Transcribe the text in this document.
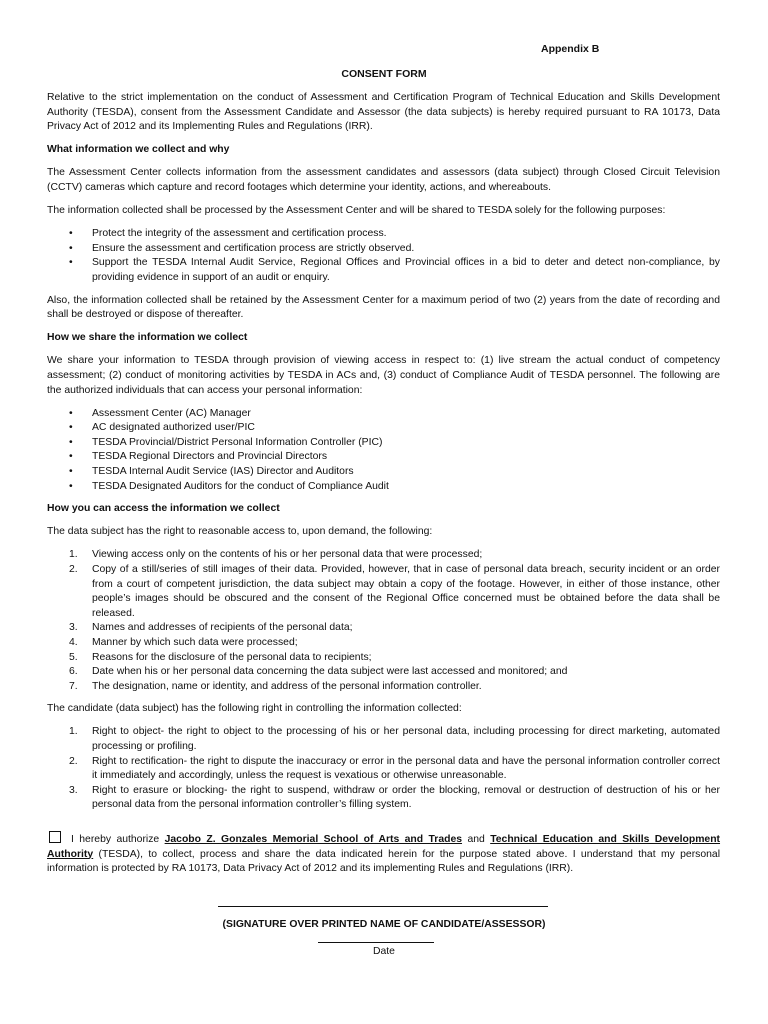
Appendix B
CONSENT FORM

Relative to the strict implementation on the conduct of Assessment and Certification Program of Technical Education and Skills Development Authority (TESDA), consent from the Assessment Candidate and Assessor (the data subjects) is hereby required pursuant to RA 10173, Data Privacy Act of 2012 and its Implementing Rules and Regulations (IRR).

What information we collect and why

The Assessment Center collects information from the assessment candidates and assessors (data subject) through Closed Circuit Television (CCTV) cameras which capture and record footages which determine your identity, actions, and whereabouts.

The information collected shall be processed by the Assessment Center and will be shared to TESDA solely for the following purposes:

• Protect the integrity of the assessment and certification process.
• Ensure the assessment and certification process are strictly observed.
• Support the TESDA Internal Audit Service, Regional Offices and Provincial offices in a bid to deter and detect non-compliance, by providing evidence in support of an audit or enquiry.

Also, the information collected shall be retained by the Assessment Center for a maximum period of two (2) years from the date of recording and shall be destroyed or dispose of thereafter.

How we share the information we collect

We share your information to TESDA through provision of viewing access in respect to: (1) live stream the actual conduct of competency assessment; (2) conduct of monitoring activities by TESDA in ACs and, (3) conduct of Compliance Audit of TESDA personnel. The following are the authorized individuals that can access your personal information:

• Assessment Center (AC) Manager
• AC designated authorized user/PIC
• TESDA Provincial/District Personal Information Controller (PIC)
• TESDA Regional Directors and Provincial Directors
• TESDA Internal Audit Service (IAS) Director and Auditors
• TESDA Designated Auditors for the conduct of Compliance Audit
How you can access the information we collect

The data subject has the right to reasonable access to, upon demand, the following:

1. Viewing access only on the contents of his or her personal data that were processed;
2. Copy of a still/series of still images of their data. Provided, however, that in case of personal data breach, security incident or an order from a court of competent jurisdiction, the data subject may obtain a copy of the footage. However, in either of those instance, other people’s images should be obscured and the consent of the Regional Office concerned must be obtained before the data shall be released.
3. Names and addresses of recipients of the personal data;
4. Manner by which such data were processed;
5. Reasons for the disclosure of the personal data to recipients;
6. Date when his or her personal data concerning the data subject were last accessed and monitored; and
7. The designation, name or identity, and address of the personal information controller.

The candidate (data subject) has the following right in controlling the information collected:

1. Right to object- the right to object to the processing of his or her personal data, including processing for direct marketing, automated processing or profiling.
2. Right to rectification- the right to dispute the inaccuracy or error in the personal data and have the personal information controller correct it immediately and accordingly, unless the request is vexatious or otherwise unreasonable.
3. Right to erasure or blocking- the right to suspend, withdraw or order the blocking, removal or destruction of destruction of his or her personal data from the personal information controller’s filling system.

I hereby authorize Jacobo Z. Gonzales Memorial School of Arts and Trades and Technical Education and Skills Development Authority (TESDA), to collect, process and share the data indicated herein for the purpose stated above. I understand that my personal information is protected by RA 10173, Data Privacy Act of 2012 and its implementing Rules and Regulations (IRR).

(SIGNATURE OVER PRINTED NAME OF CANDIDATE/ASSESSOR)
Date
